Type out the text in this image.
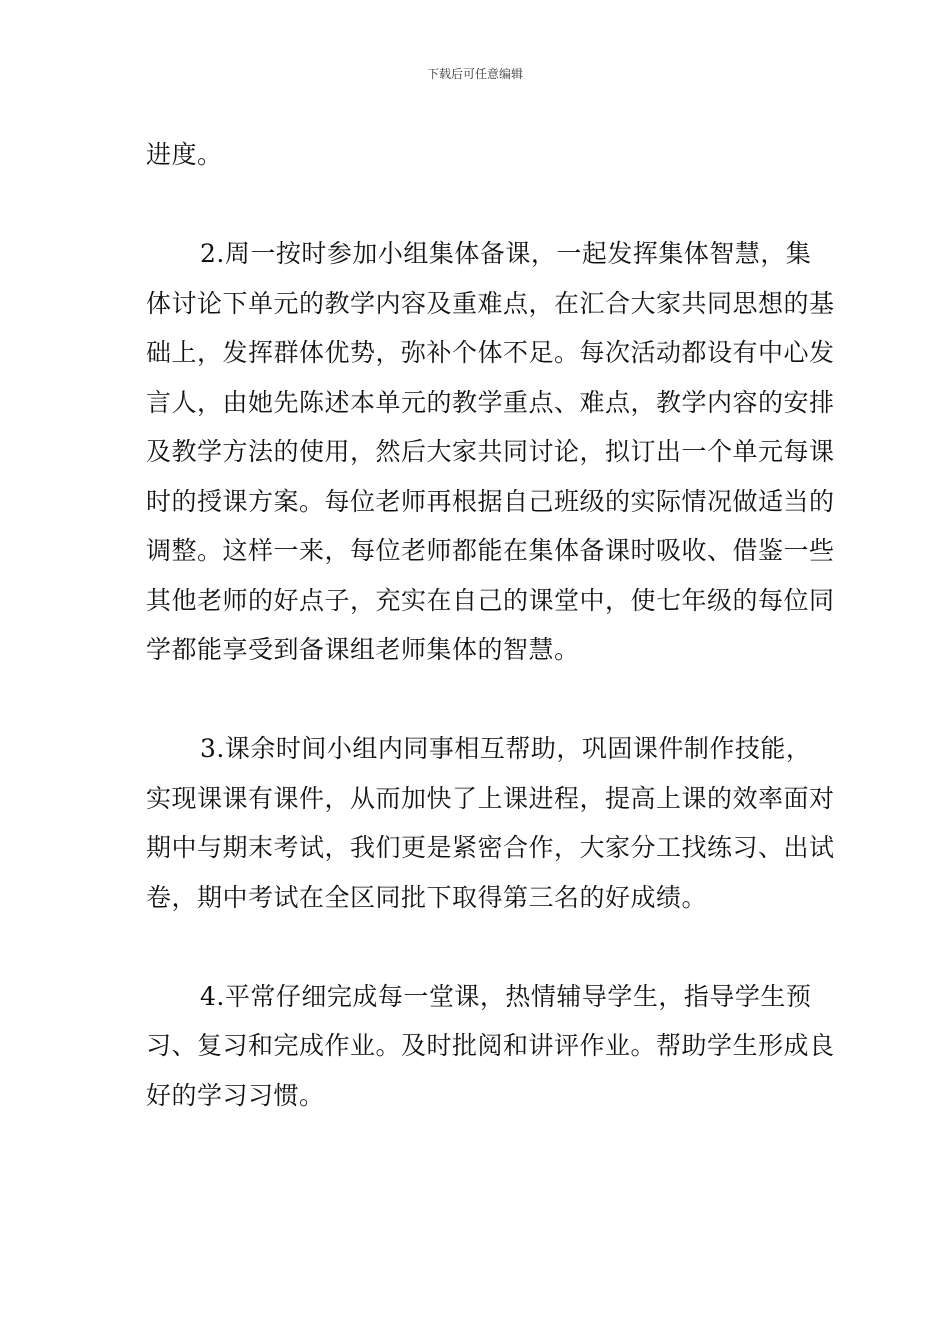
下载后可任意编辑

进度。

2.周一按时参加小组集体备课，一起发挥集体智慧，集体讨论下单元的教学内容及重难点，在汇合大家共同思想的基础上，发挥群体优势，弥补个体不足。每次活动都设有中心发言人，由她先陈述本单元的教学重点、难点，教学内容的安排及教学方法的使用，然后大家共同讨论，拟订出一个单元每课时的授课方案。每位老师再根据自己班级的实际情况做适当的调整。这样一来，每位老师都能在集体备课时吸收、借鉴一些其他老师的好点子，充实在自己的课堂中，使七年级的每位同学都能享受到备课组老师集体的智慧。

3.课余时间小组内同事相互帮助，巩固课件制作技能，实现课课有课件，从而加快了上课进程，提高上课的效率面对期中与期末考试，我们更是紧密合作，大家分工找练习、出试卷，期中考试在全区同批下取得第三名的好成绩。

4.平常仔细完成每一堂课，热情辅导学生，指导学生预习、复习和完成作业。及时批阅和讲评作业。帮助学生形成良好的学习习惯。
